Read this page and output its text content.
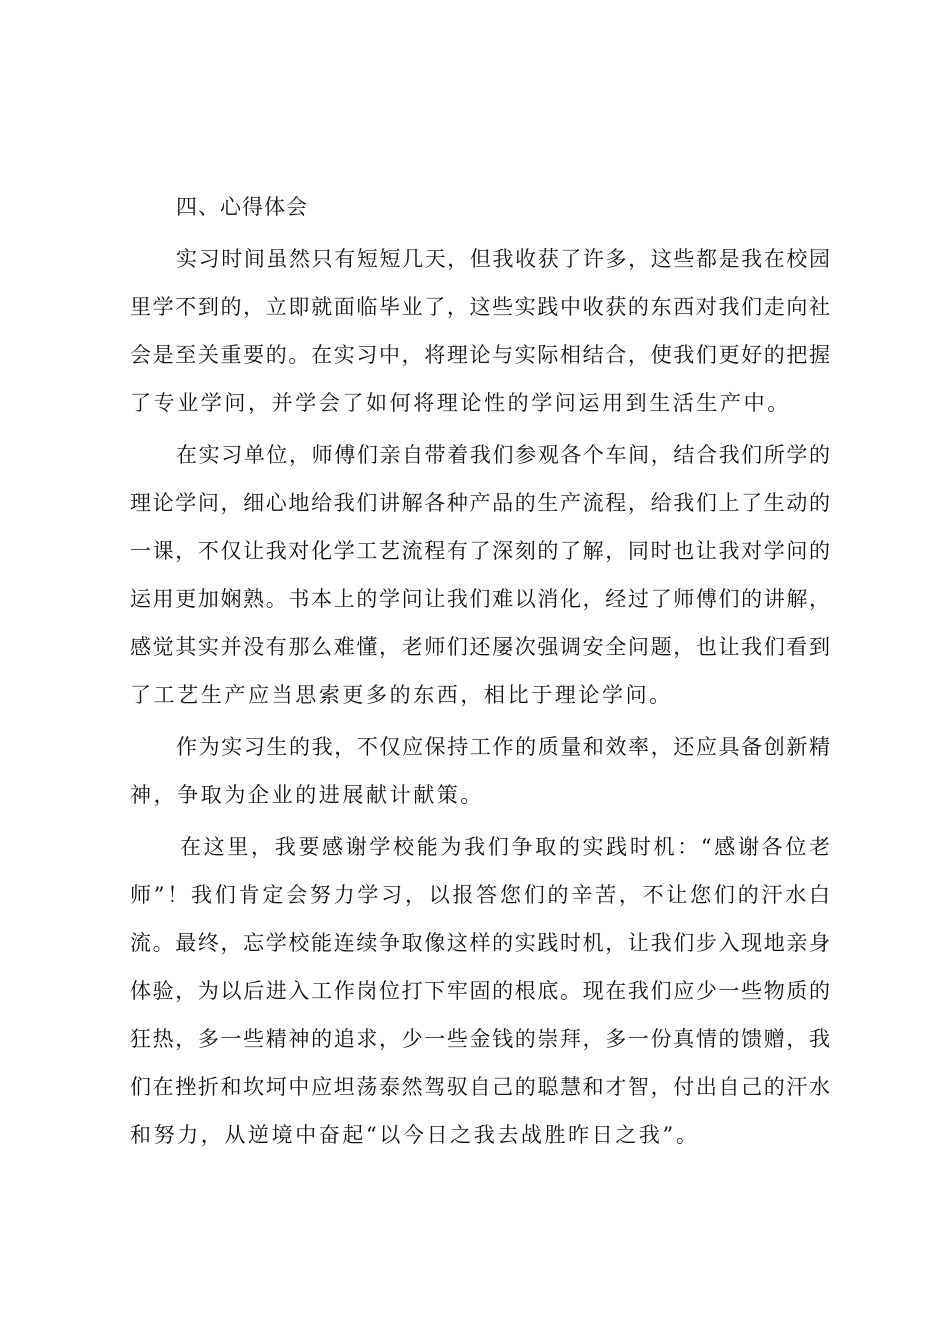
四、心得体会
实习时间虽然只有短短几天，但我收获了许多，这些都是我在校园
里学不到的，立即就面临毕业了，这些实践中收获的东西对我们走向社
会是至关重要的。在实习中，将理论与实际相结合，使我们更好的把握
了专业学问，并学会了如何将理论性的学问运用到生活生产中。
在实习单位，师傅们亲自带着我们参观各个车间，结合我们所学的
理论学问，细心地给我们讲解各种产品的生产流程，给我们上了生动的
一课，不仅让我对化学工艺流程有了深刻的了解，同时也让我对学问的
运用更加娴熟。书本上的学问让我们难以消化，经过了师傅们的讲解，
感觉其实并没有那么难懂，老师们还屡次强调安全问题，也让我们看到
了工艺生产应当思索更多的东西，相比于理论学问。
作为实习生的我，不仅应保持工作的质量和效率，还应具备创新精
神，争取为企业的进展献计献策。
在这里，我要感谢学校能为我们争取的实践时机：“感谢各位老
师”！我们肯定会努力学习，以报答您们的辛苦，不让您们的汗水白
流。最终，忘学校能连续争取像这样的实践时机，让我们步入现地亲身
体验，为以后进入工作岗位打下牢固的根底。现在我们应少一些物质的
狂热，多一些精神的追求，少一些金钱的崇拜，多一份真情的馈赠，我
们在挫折和坎坷中应坦荡泰然驾驭自己的聪慧和才智，付出自己的汗水
和努力，从逆境中奋起“以今日之我去战胜昨日之我”。
